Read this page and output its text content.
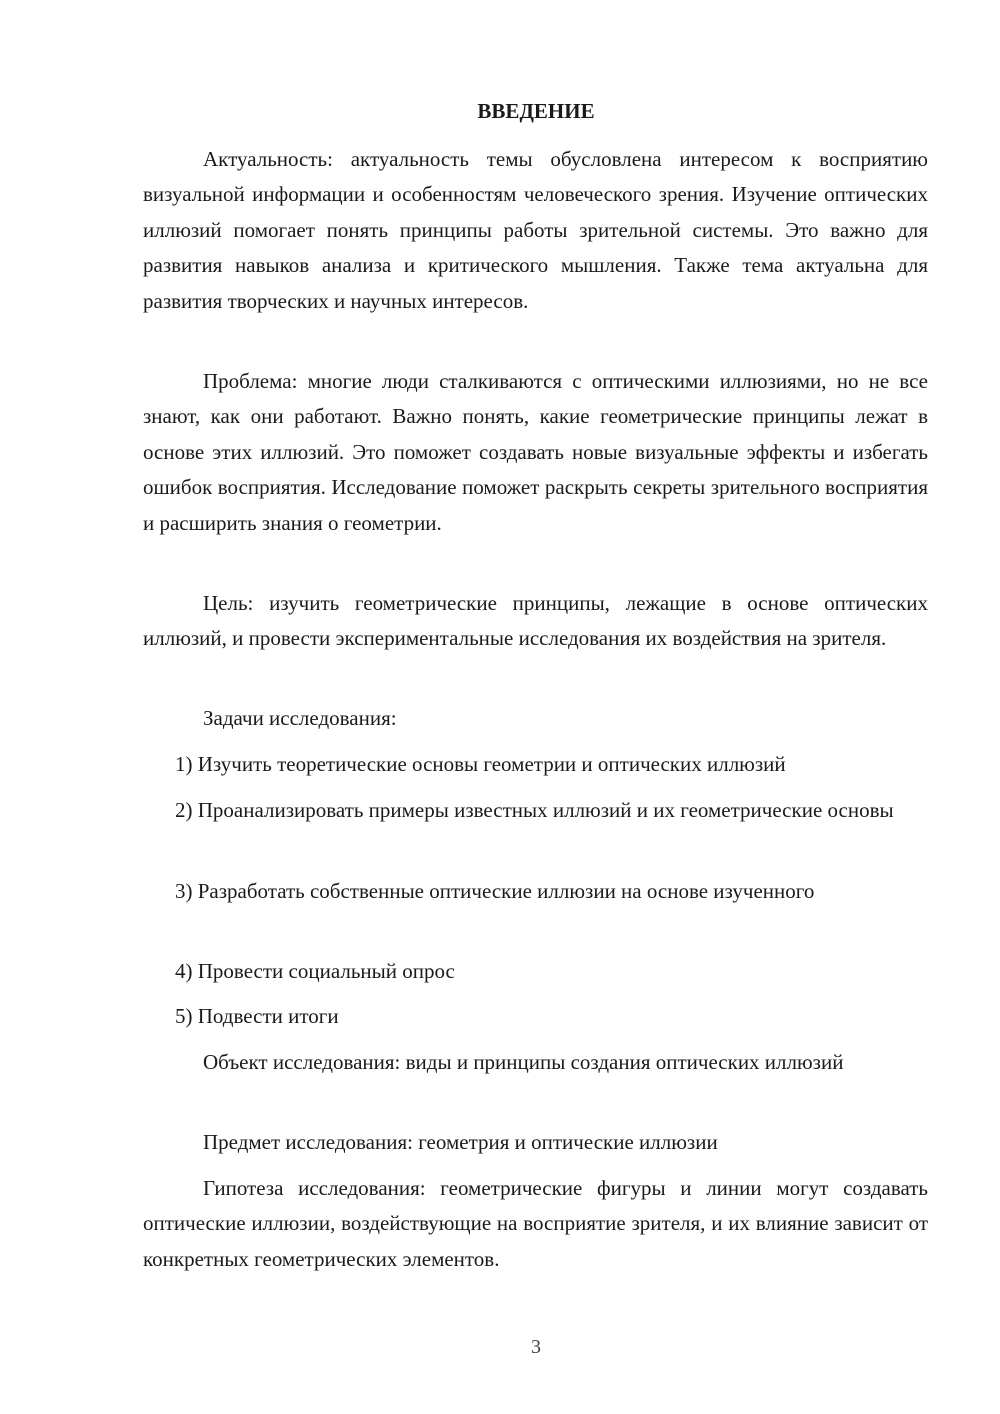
ВВЕДЕНИЕ

Актуальность: актуальность темы обусловлена интересом к восприятию визуальной информации и особенностям человеческого зрения. Изучение оптических иллюзий помогает понять принципы работы зрительной системы. Это важно для развития навыков анализа и критического мышления. Также тема актуальна для развития творческих и научных интересов.

Проблема: многие люди сталкиваются с оптическими иллюзиями, но не все знают, как они работают. Важно понять, какие геометрические принципы лежат в основе этих иллюзий. Это поможет создавать новые визуальные эффекты и избегать ошибок восприятия. Исследование поможет раскрыть секреты зрительного восприятия и расширить знания о геометрии.

Цель: изучить геометрические принципы, лежащие в основе оптических иллюзий, и провести экспериментальные исследования их воздействия на зрителя.

Задачи исследования:

1) Изучить теоретические основы геометрии и оптических иллюзий

2) Проанализировать примеры известных иллюзий и их геометрические основы

3) Разработать собственные оптические иллюзии на основе изученного

4) Провести социальный опрос

5) Подвести итоги

Объект исследования: виды и принципы создания оптических иллюзий

Предмет исследования: геометрия и оптические иллюзии

Гипотеза исследования: геометрические фигуры и линии могут создавать оптические иллюзии, воздействующие на восприятие зрителя, и их влияние зависит от конкретных геометрических элементов.

3
